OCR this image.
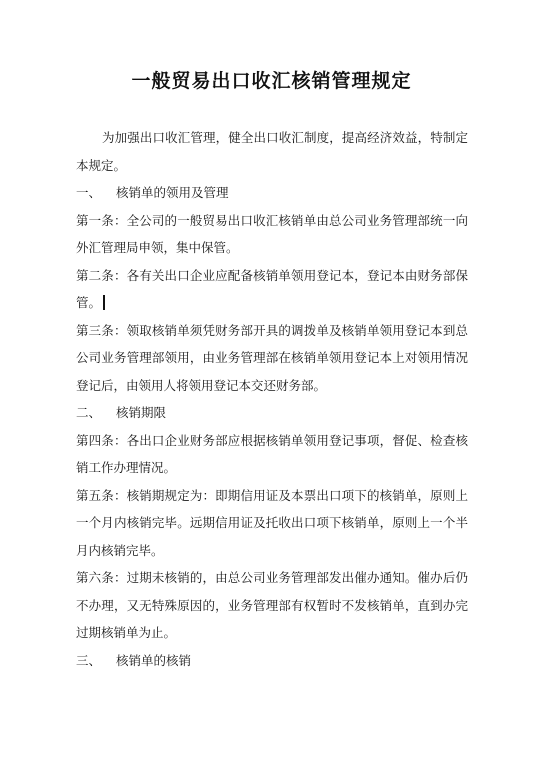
一般贸易出口收汇核销管理规定

为加强出口收汇管理，健全出口收汇制度，提高经济效益，特制定本规定。

一、 核销单的领用及管理

第一条：全公司的一般贸易出口收汇核销单由总公司业务管理部统一向外汇管理局申领，集中保管。

第二条：各有关出口企业应配备核销单领用登记本，登记本由财务部保管。

第三条：领取核销单须凭财务部开具的调拨单及核销单领用登记本到总公司业务管理部领用，由业务管理部在核销单领用登记本上对领用情况登记后，由领用人将领用登记本交还财务部。

二、 核销期限

第四条：各出口企业财务部应根据核销单领用登记事项，督促、检查核销工作办理情况。

第五条：核销期规定为：即期信用证及本票出口项下的核销单，原则上一个月内核销完毕。远期信用证及托收出口项下核销单，原则上一个半月内核销完毕。

第六条：过期未核销的，由总公司业务管理部发出催办通知。催办后仍不办理，又无特殊原因的，业务管理部有权暂时不发核销单，直到办完过期核销单为止。

三、 核销单的核销
